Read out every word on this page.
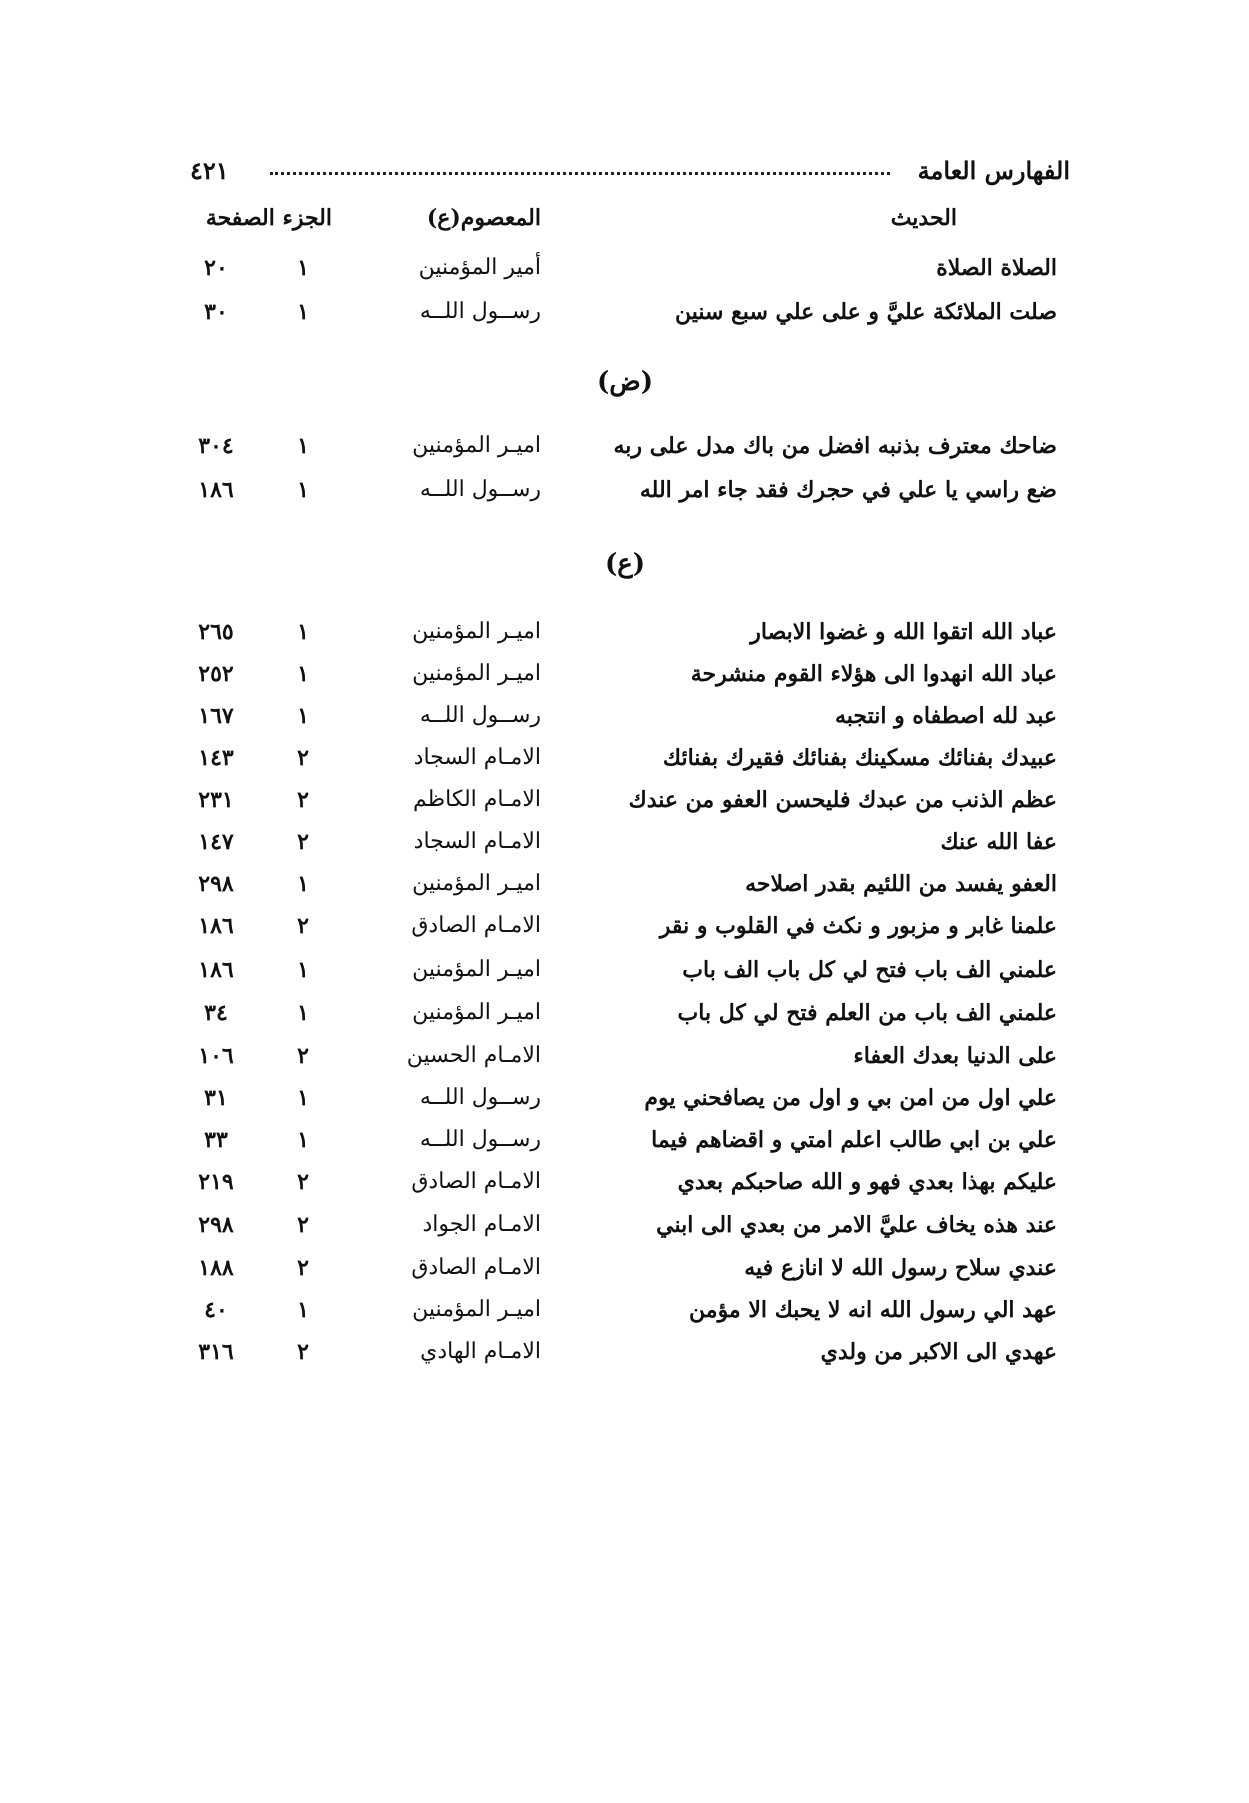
الفهارس العامة
٤٢١
الحديث
المعصوم(ع)
الجزء الصفحة
الصلاة الصلاة
أمير المؤمنين
١
٢٠
صلت الملائكة عليَّ و على علي سبع سنين
رســول اللــه
١
٣٠
(ض)
ضاحك معترف بذنبه افضل من باك مدل على ربه
اميـر المؤمنين
١
٣٠٤
ضع راسي يا علي في حجرك فقد جاء امر الله
رســول اللــه
١
١٨٦
(ع)
عباد الله اتقوا الله و غضوا الابصار
اميـر المؤمنين
١
٢٦٥
عباد الله انهدوا الى هؤلاء القوم منشرحة
اميـر المؤمنين
١
٢٥٢
عبد لله اصطفاه و انتجبه
رســول اللــه
١
١٦٧
عبيدك بفنائك مسكينك بفنائك فقيرك بفنائك
الامـام السجاد
٢
١٤٣
عظم الذنب من عبدك فليحسن العفو من عندك
الامـام الكاظم
٢
٢٣١
عفا الله عنك
الامـام السجاد
٢
١٤٧
العفو يفسد من اللئيم بقدر اصلاحه
اميـر المؤمنين
١
٢٩٨
علمنا غابر و مزبور و نكث في القلوب و نقر
الامـام الصادق
٢
١٨٦
علمني الف باب فتح لي كل باب الف باب
اميـر المؤمنين
١
١٨٦
علمني الف باب من العلم فتح لي كل باب
اميـر المؤمنين
١
٣٤
على الدنيا بعدك العفاء
الامـام الحسين
٢
١٠٦
علي اول من امن بي و اول من يصافحني يوم
رســول اللــه
١
٣١
علي بن ابي طالب اعلم امتي و اقضاهم فيما
رســول اللــه
١
٣٣
عليكم بهذا بعدي فهو و الله صاحبكم بعدي
الامـام الصادق
٢
٢١٩
عند هذه يخاف عليَّ الامر من بعدي الى ابني
الامـام الجواد
٢
٢٩٨
عندي سلاح رسول الله لا انازع فيه
الامـام الصادق
٢
١٨٨
عهد الي رسول الله انه لا يحبك الا مؤمن
اميـر المؤمنين
١
٤٠
عهدي الى الاكبر من ولدي
الامـام الهادي
٢
٣١٦
